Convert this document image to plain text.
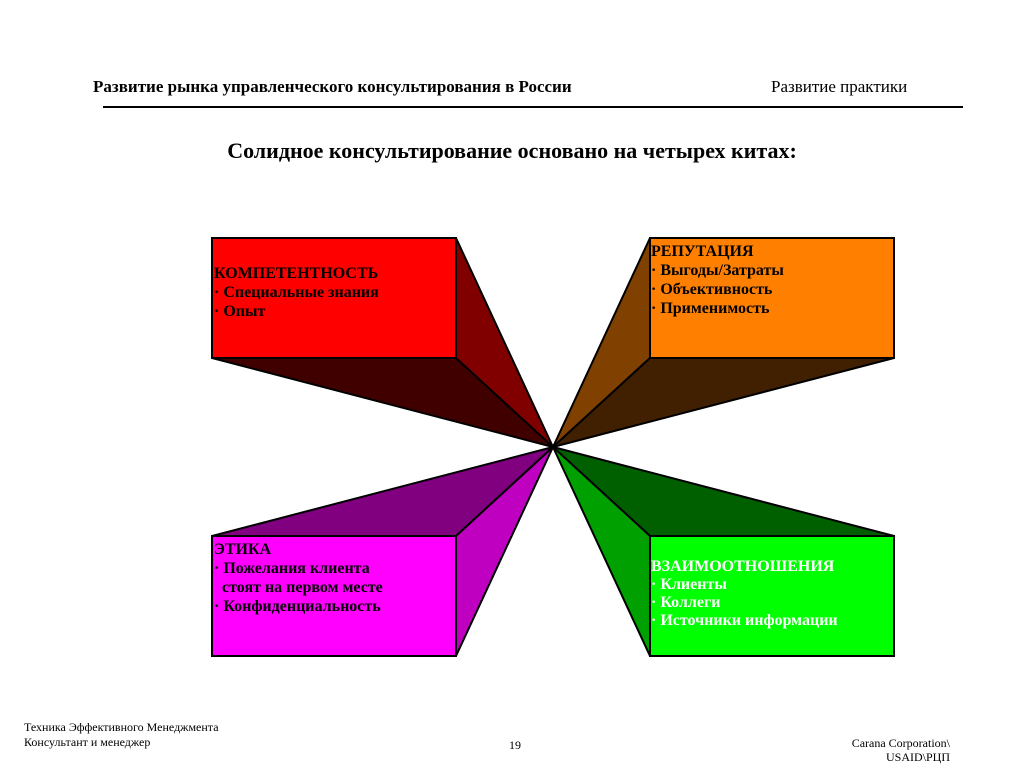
Развитие рынка управленческого консультирования в России	Развитие практики
Солидное консультирование основано на четырех китах:
КОМПЕТЕНТНОСТЬ
· Специальные знания
· Опыт
РЕПУТАЦИЯ
· Выгоды/Затраты
· Объективность
· Применимость
ЭТИКА
· Пожелания клиента
стоят на первом месте
· Конфиденциальность
ВЗАИМООТНОШЕНИЯ
· Клиенты
· Коллеги
· Источники информации
Техника Эффективного Менеджмента
Консультант и менеджер	19	Carana Corporation\
USAID\РЦП
